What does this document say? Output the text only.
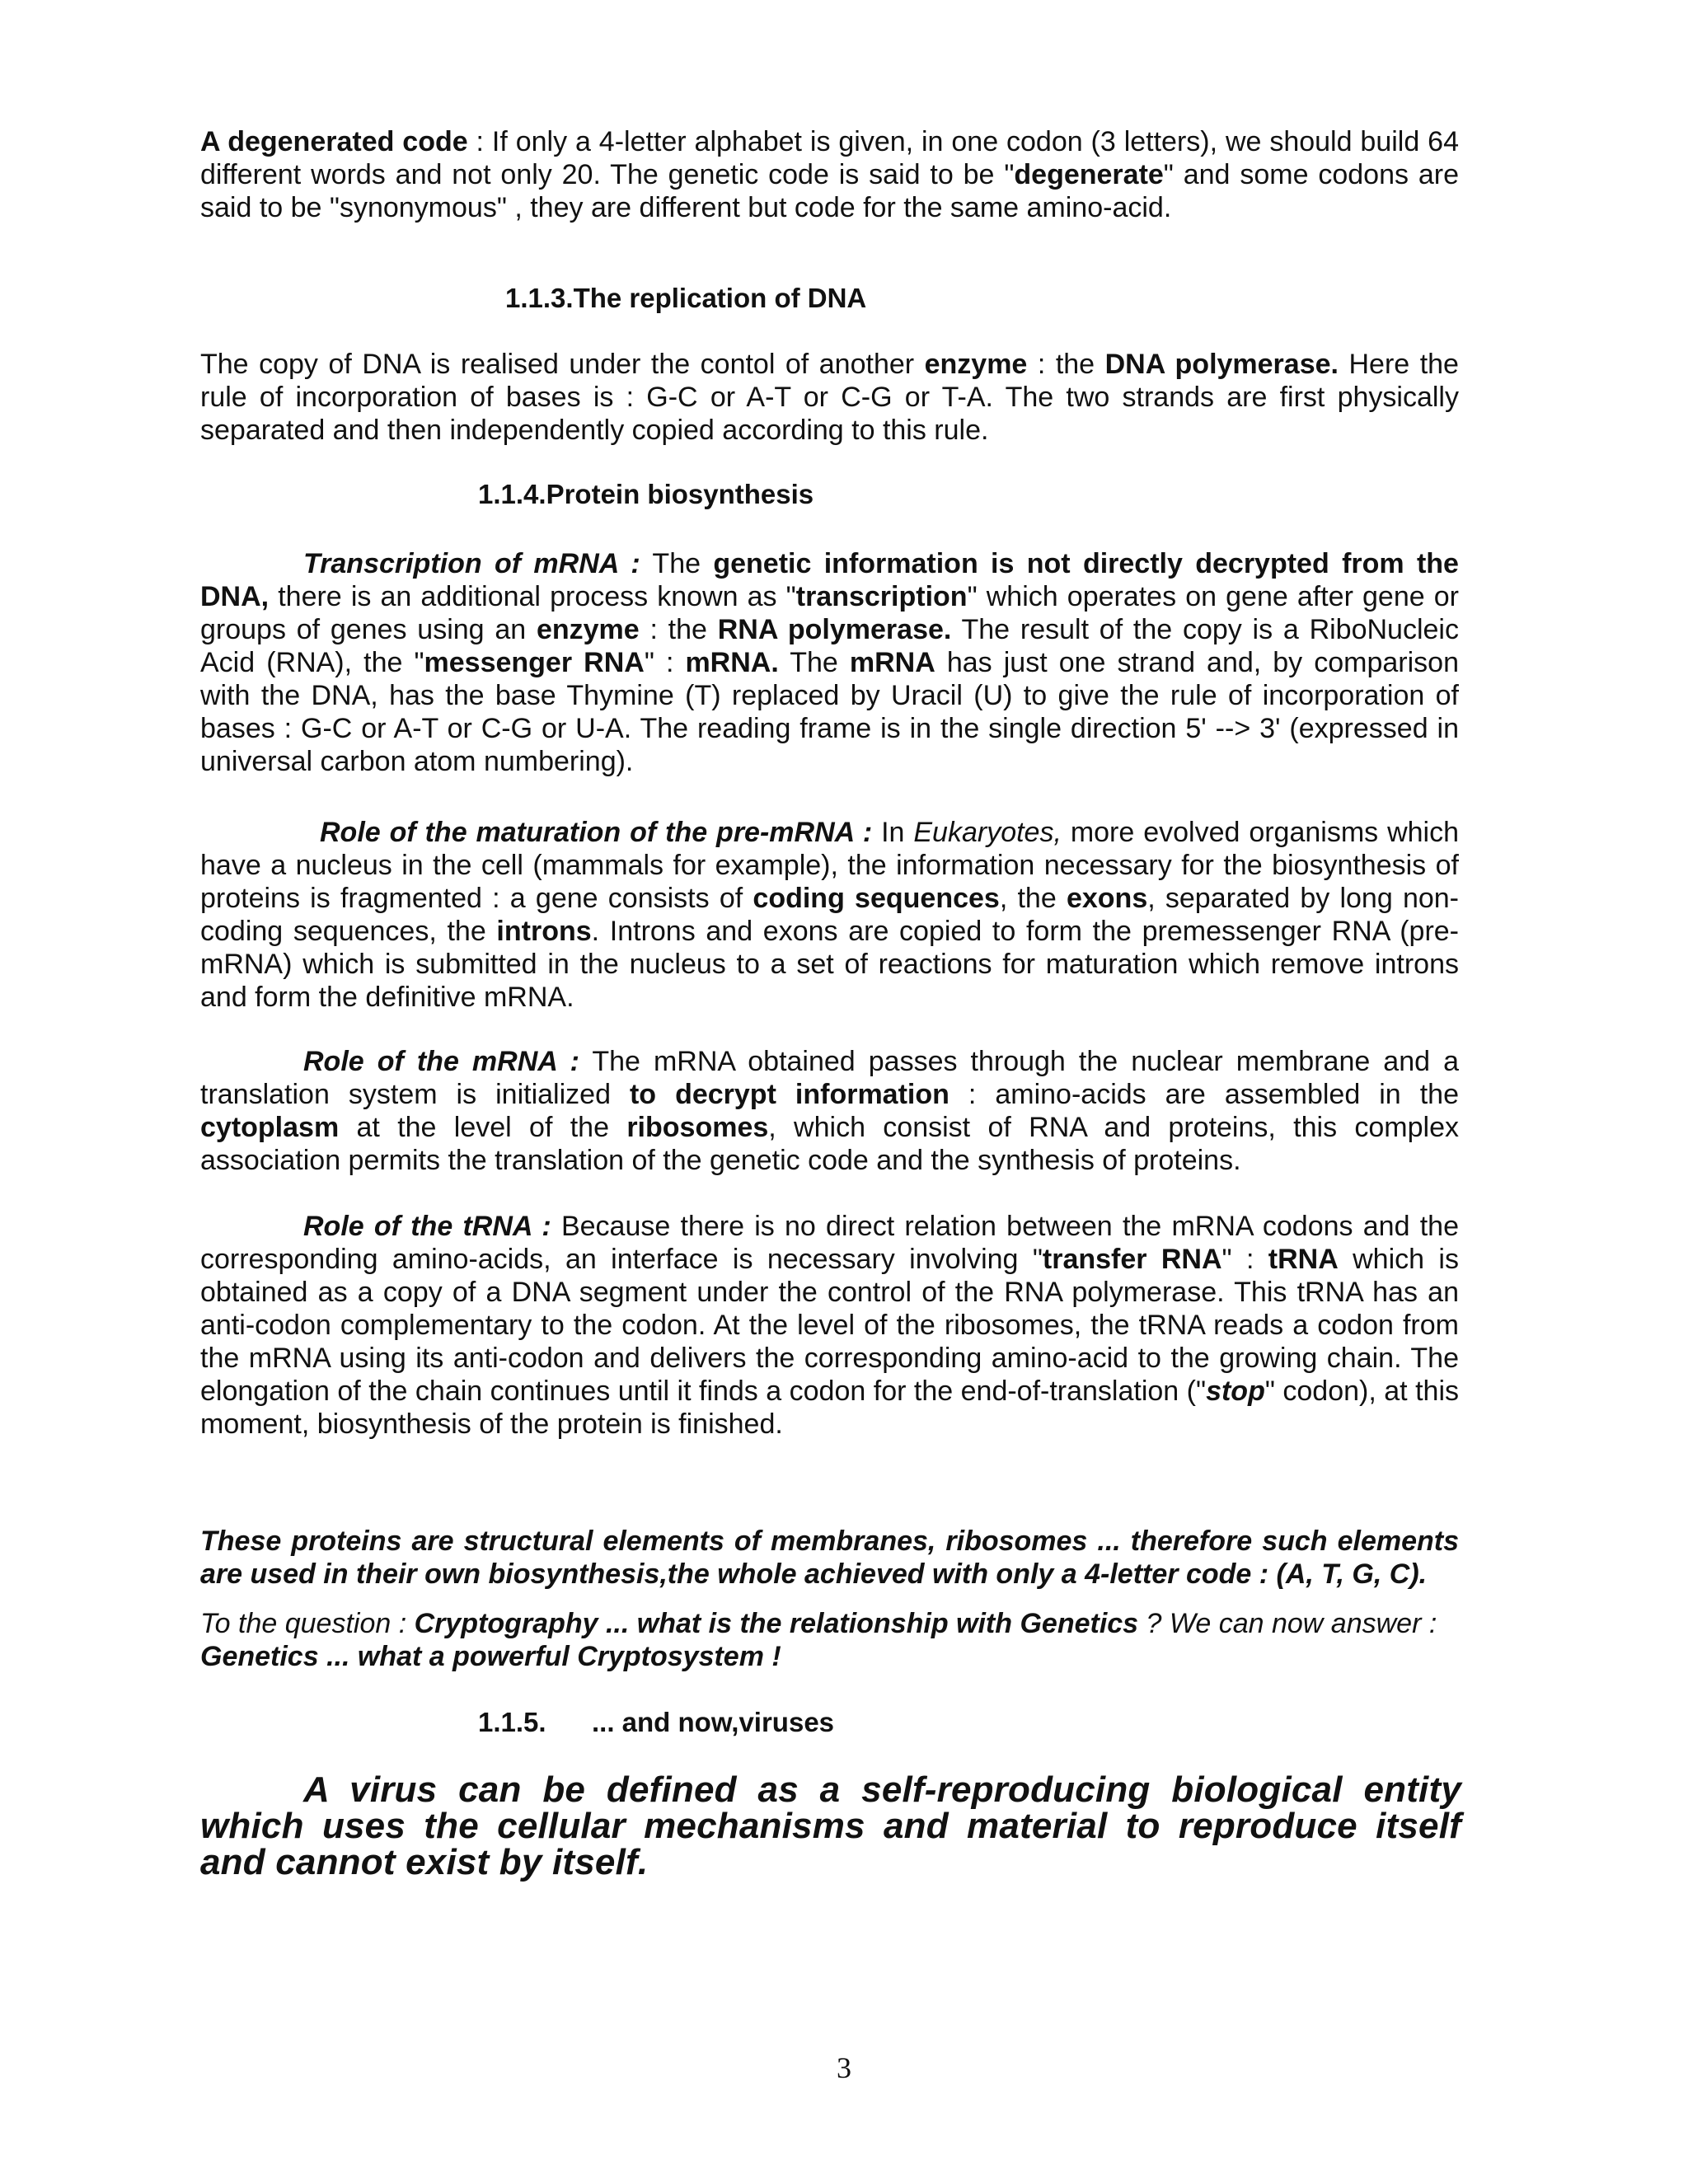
A degenerated code : If only a 4-letter alphabet is given, in one codon (3 letters), we should build 64 different words and not only 20. The genetic code is said to be "degenerate" and some codons are said to be "synonymous" , they are different but code for the same amino-acid.

1.1.3.The replication of DNA

The copy of DNA is realised under the contol of another enzyme : the DNA polymerase. Here the rule of incorporation of bases is : G-C or A-T or C-G or T-A. The two strands are first physically separated and then independently copied according to this rule.

1.1.4.Protein biosynthesis

Transcription of mRNA : The genetic information is not directly decrypted from the DNA, there is an additional process known as "transcription" which operates on gene after gene or groups of genes using an enzyme : the RNA polymerase. The result of the copy is a RiboNucleic Acid (RNA), the "messenger RNA" : mRNA. The mRNA has just one strand and, by comparison with the DNA, has the base Thymine (T) replaced by Uracil (U) to give the rule of incorporation of bases : G-C or A-T or C-G or U-A. The reading frame is in the single direction 5' --> 3' (expressed in universal carbon atom numbering).

Role of the maturation of the pre-mRNA : In Eukaryotes, more evolved organisms which have a nucleus in the cell (mammals for example), the information necessary for the biosynthesis of proteins is fragmented : a gene consists of coding sequences, the exons, separated by long non-coding sequences, the introns. Introns and exons are copied to form the premessenger RNA (pre-mRNA) which is submitted in the nucleus to a set of reactions for maturation which remove introns and form the definitive mRNA.

Role of the mRNA : The mRNA obtained passes through the nuclear membrane and a translation system is initialized to decrypt information : amino-acids are assembled in the cytoplasm at the level of the ribosomes, which consist of RNA and proteins, this complex association permits the translation of the genetic code and the synthesis of proteins.

Role of the tRNA : Because there is no direct relation between the mRNA codons and the corresponding amino-acids, an interface is necessary involving "transfer RNA" : tRNA which is obtained as a copy of a DNA segment under the control of the RNA polymerase. This tRNA has an anti-codon complementary to the codon. At the level of the ribosomes, the tRNA reads a codon from the mRNA using its anti-codon and delivers the corresponding amino-acid to the growing chain. The elongation of the chain continues until it finds a codon for the end-of-translation ("stop" codon), at this moment, biosynthesis of the protein is finished.

These proteins are structural elements of membranes, ribosomes ... therefore such elements are used in their own biosynthesis,the whole achieved with only a 4-letter code : (A, T, G, C).

To the question : Cryptography ... what is the relationship with Genetics ? We can now answer : Genetics ... what a powerful Cryptosystem !

1.1.5. ... and now,viruses
A virus can be defined as a self-reproducing biological entity which uses the cellular mechanisms and material to reproduce itself and cannot exist by itself.
3
